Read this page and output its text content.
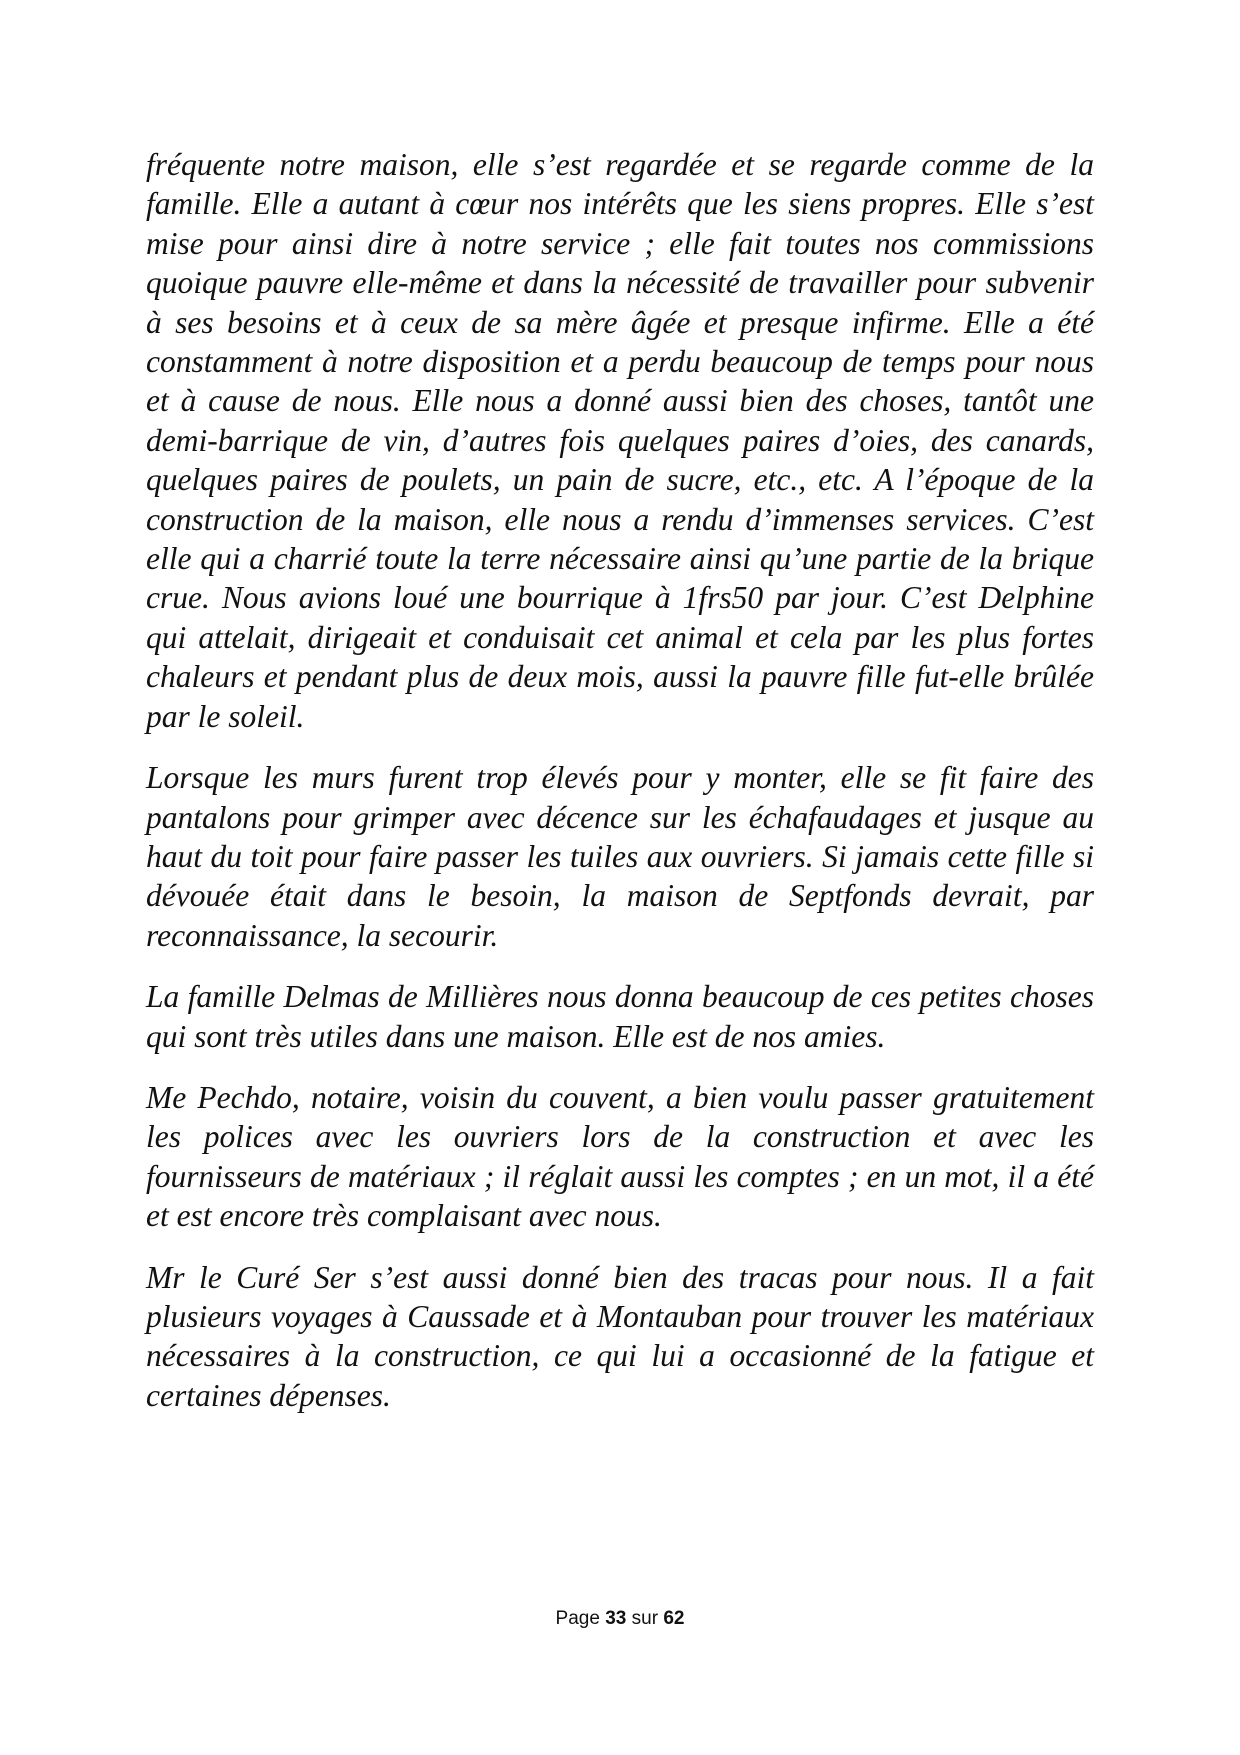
fréquente notre maison, elle s’est regardée et se regarde comme de la famille. Elle a autant à cœur nos intérêts que les siens propres. Elle s’est mise pour ainsi dire à notre service ; elle fait toutes nos commissions quoique pauvre elle-même et dans la nécessité de travailler pour subvenir à ses besoins et à ceux de sa mère âgée et presque infirme. Elle a été constamment à notre disposition et a perdu beaucoup de temps pour nous et à cause de nous. Elle nous a donné aussi bien des choses, tantôt une demi-barrique de vin, d’autres fois quelques paires d’oies, des canards, quelques paires de poulets, un pain de sucre, etc., etc. A l’époque de la construction de la maison, elle nous a rendu d’immenses services. C’est elle qui a charrié toute la terre nécessaire ainsi qu’une partie de la brique crue. Nous avions loué une bourrique à 1frs50 par jour. C’est Delphine qui attelait, dirigeait et conduisait cet animal et cela par les plus fortes chaleurs et pendant plus de deux mois, aussi la pauvre fille fut-elle brûlée par le soleil.

Lorsque les murs furent trop élevés pour y monter, elle se fit faire des pantalons pour grimper avec décence sur les échafaudages et jusque au haut du toit pour faire passer les tuiles aux ouvriers. Si jamais cette fille si dévouée était dans le besoin, la maison de Septfonds devrait, par reconnaissance, la secourir.

La famille Delmas de Millières nous donna beaucoup de ces petites choses qui sont très utiles dans une maison. Elle est de nos amies.

Me Pechdo, notaire, voisin du couvent, a bien voulu passer gratuitement les polices avec les ouvriers lors de la construction et avec les fournisseurs de matériaux ; il réglait aussi les comptes ; en un mot, il a été et est encore très complaisant avec nous.

Mr le Curé Ser s’est aussi donné bien des tracas pour nous. Il a fait plusieurs voyages à Caussade et à Montauban pour trouver les matériaux nécessaires à la construction, ce qui lui a occasionné de la fatigue et certaines dépenses.

Page 33 sur 62
